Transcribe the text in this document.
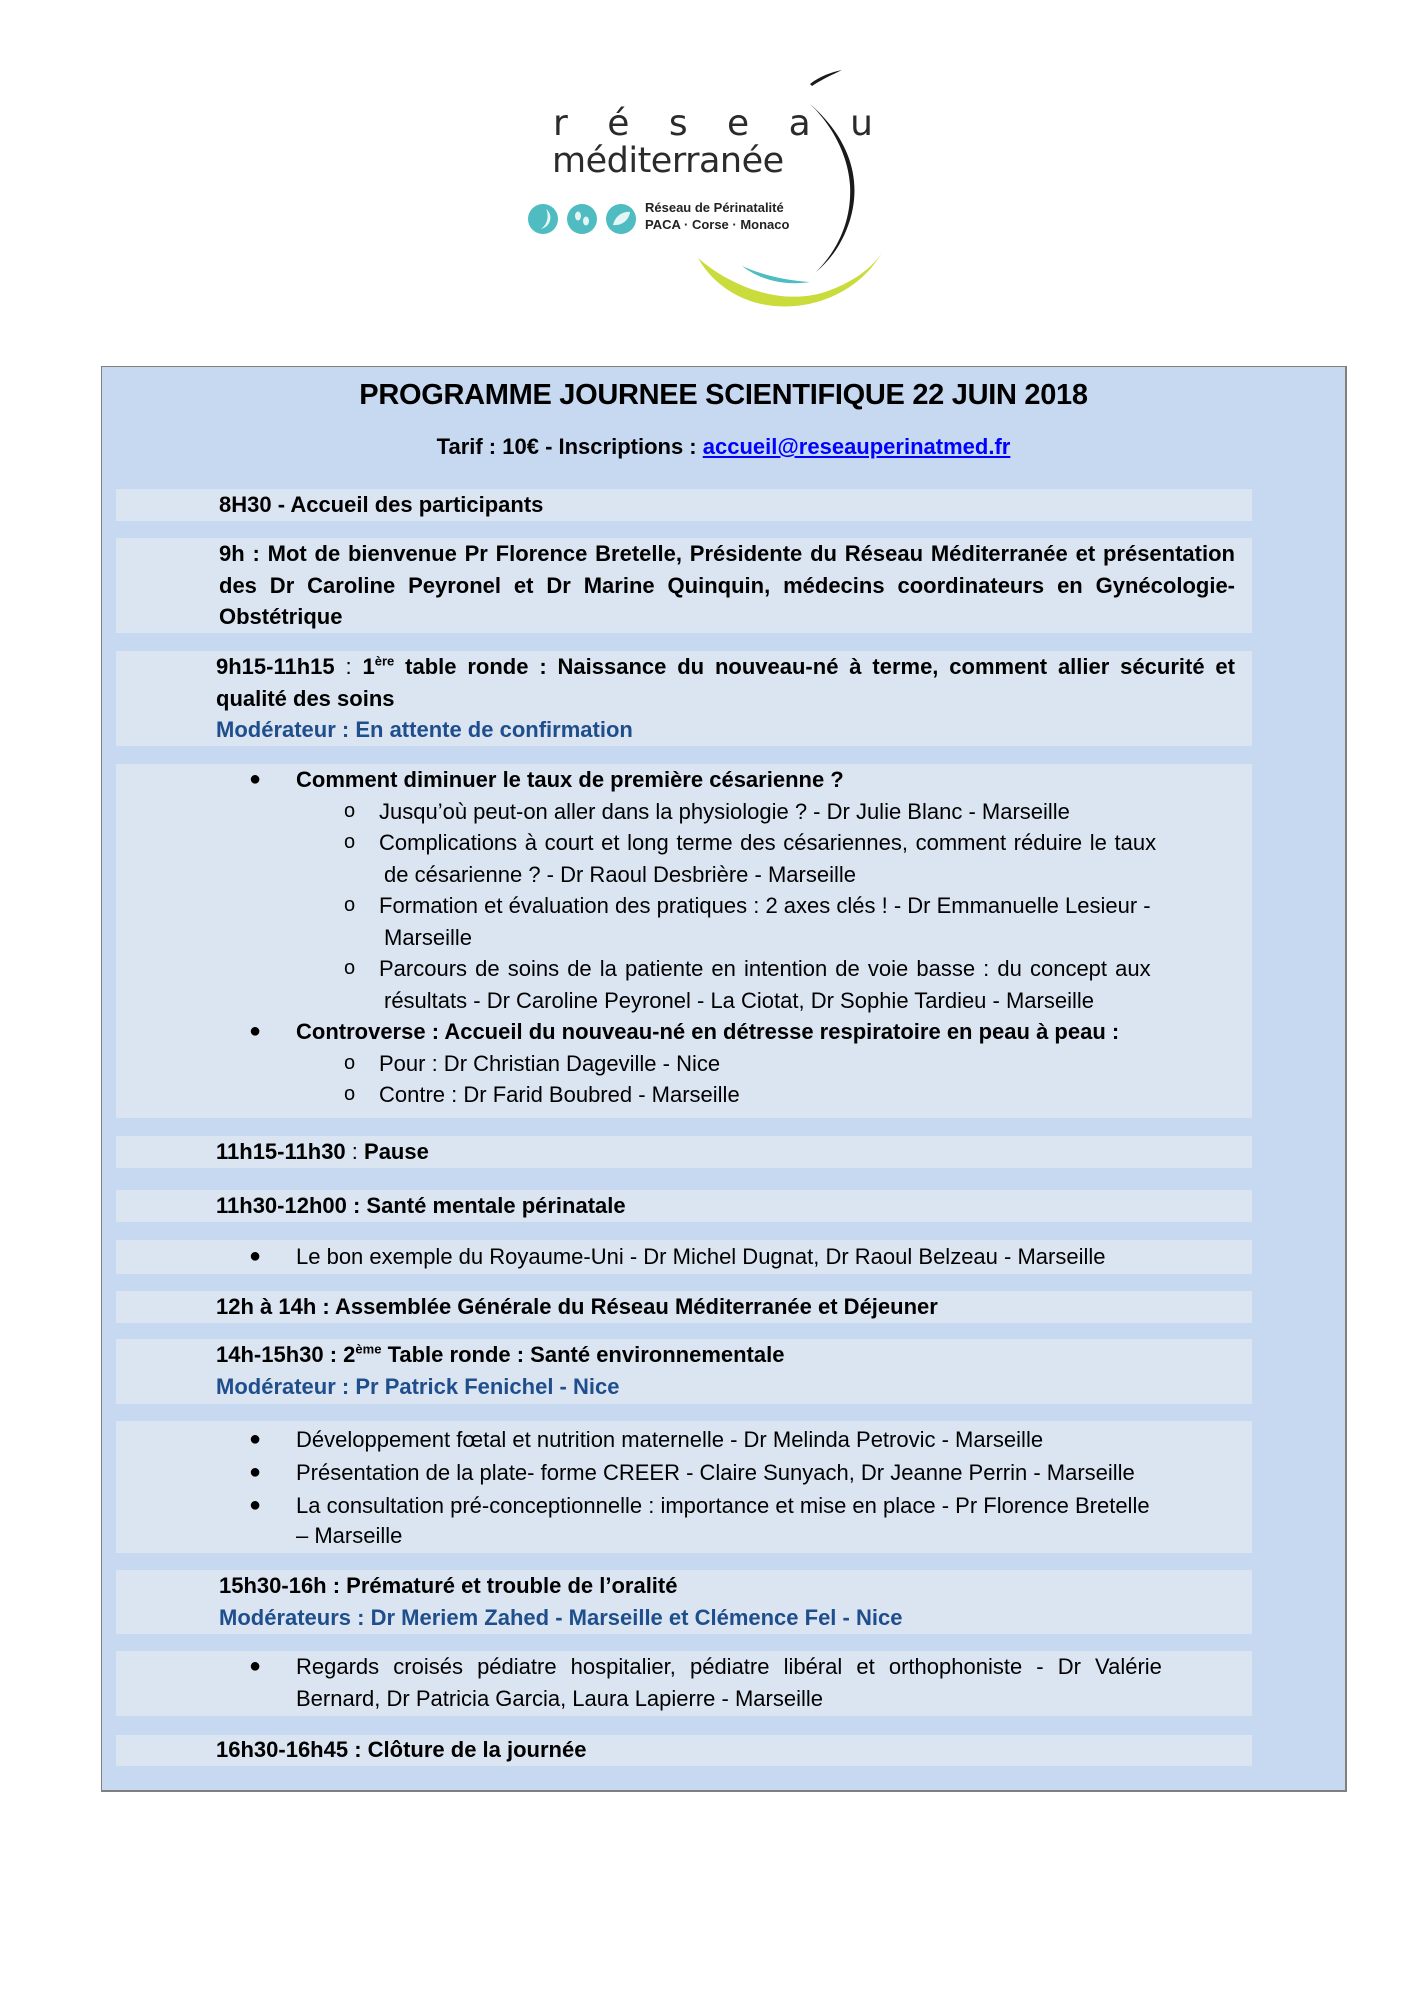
r é s e a u
méditerranée
Réseau de Périnatalité
PACA · Corse · Monaco
PROGRAMME JOURNEE SCIENTIFIQUE 22 JUIN 2018
Tarif : 10€ - Inscriptions : accueil@reseauperinatmed.fr
8H30 - Accueil des participants
9h : Mot de bienvenue Pr Florence Bretelle, Présidente du Réseau Méditerranée et présentation des Dr Caroline Peyronel et Dr Marine Quinquin, médecins coordinateurs en Gynécologie-Obstétrique
9h15-11h15 : 1ère table ronde : Naissance du nouveau-né à terme, comment allier sécurité et qualité des soins
Modérateur : En attente de confirmation
● Comment diminuer le taux de première césarienne ?
o Jusqu’où peut-on aller dans la physiologie ? - Dr Julie Blanc - Marseille
o Complications à court et long terme des césariennes, comment réduire le taux
de césarienne ? - Dr Raoul Desbrière - Marseille
o Formation et évaluation des pratiques : 2 axes clés ! - Dr Emmanuelle Lesieur -
Marseille
o Parcours de soins de la patiente en intention de voie basse : du concept aux
résultats - Dr Caroline Peyronel - La Ciotat, Dr Sophie Tardieu - Marseille
● Controverse : Accueil du nouveau-né en détresse respiratoire en peau à peau :
o Pour : Dr Christian Dageville - Nice
o Contre : Dr Farid Boubred - Marseille
11h15-11h30 : Pause
11h30-12h00 : Santé mentale périnatale
● Le bon exemple du Royaume-Uni - Dr Michel Dugnat, Dr Raoul Belzeau - Marseille
12h à 14h : Assemblée Générale du Réseau Méditerranée et Déjeuner
14h-15h30 : 2ème Table ronde : Santé environnementale
Modérateur : Pr Patrick Fenichel - Nice
● Développement fœtal et nutrition maternelle - Dr Melinda Petrovic - Marseille
● Présentation de la plate- forme CREER - Claire Sunyach, Dr Jeanne Perrin - Marseille
● La consultation pré-conceptionnelle : importance et mise en place - Pr Florence Bretelle
– Marseille
15h30-16h : Prématuré et trouble de l’oralité
Modérateurs : Dr Meriem Zahed - Marseille et Clémence Fel - Nice
● Regards croisés pédiatre hospitalier, pédiatre libéral et orthophoniste - Dr Valérie
Bernard, Dr Patricia Garcia, Laura Lapierre - Marseille
16h30-16h45 : Clôture de la journée
